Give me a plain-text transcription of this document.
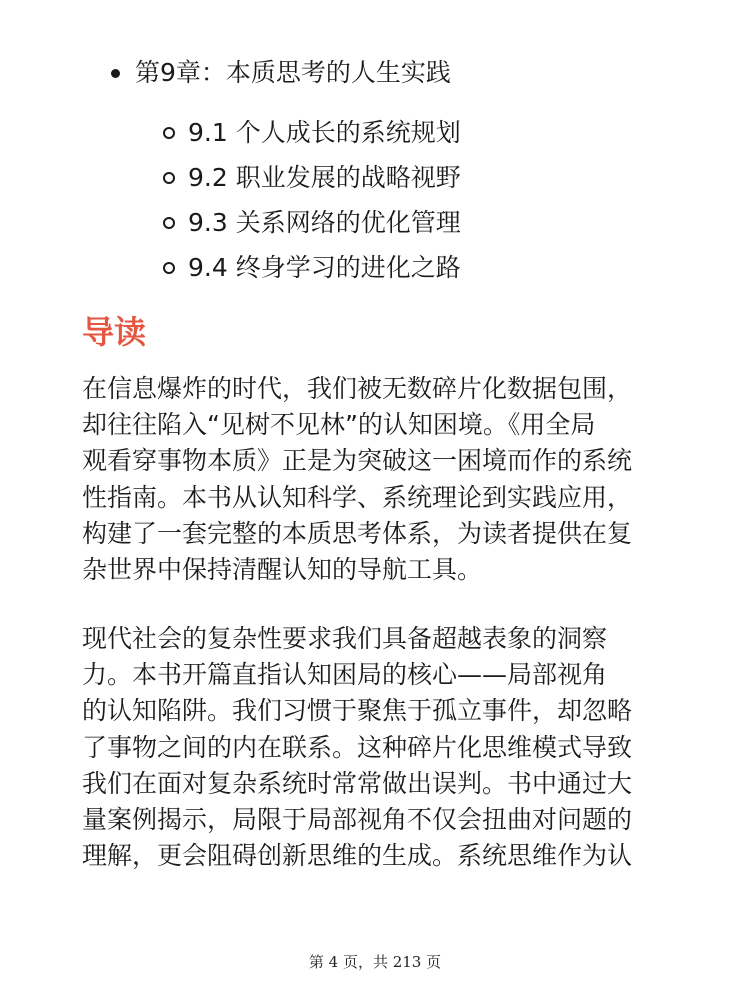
第9章：本质思考的人生实践
9.1 个人成长的系统规划
9.2 职业发展的战略视野
9.3 关系网络的优化管理
9.4 终身学习的进化之路
导读
在信息爆炸的时代，我们被无数碎片化数据包围，
却往往陷入“见树不见林”的认知困境。《用全局
观看穿事物本质》正是为突破这一困境而作的系统
性指南。本书从认知科学、系统理论到实践应用，
构建了一套完整的本质思考体系，为读者提供在复
杂世界中保持清醒认知的导航工具。
现代社会的复杂性要求我们具备超越表象的洞察
力。本书开篇直指认知困局的核心——局部视角
的认知陷阱。我们习惯于聚焦于孤立事件，却忽略
了事物之间的内在联系。这种碎片化思维模式导致
我们在面对复杂系统时常常做出误判。书中通过大
量案例揭示，局限于局部视角不仅会扭曲对问题的
理解，更会阻碍创新思维的生成。系统思维作为认
第 4 页，共 213 页
